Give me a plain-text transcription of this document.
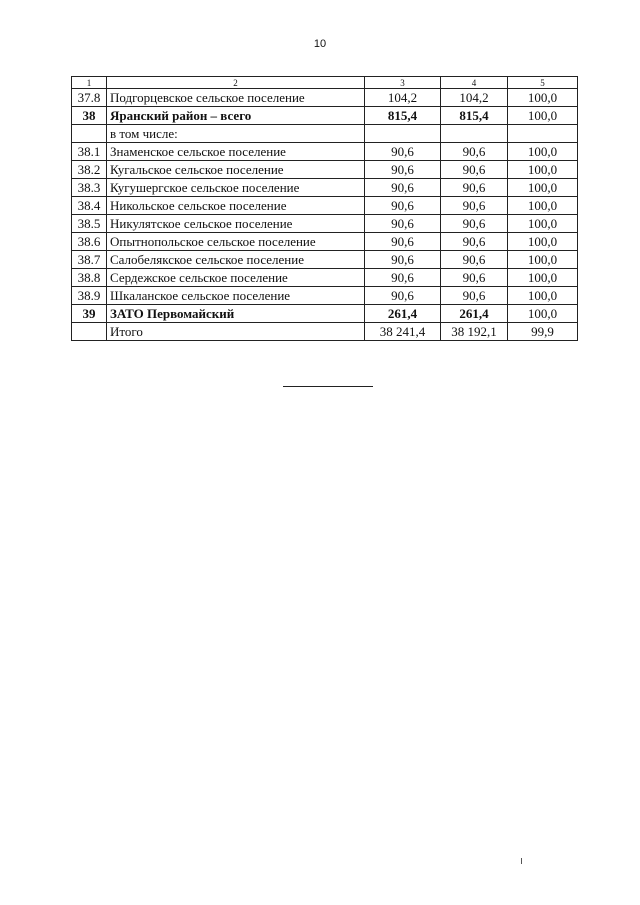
10
1	2	3	4	5
37.8	Подгорцевское сельское поселение	104,2	104,2	100,0
38	Яранский район – всего	815,4	815,4	100,0
	в том числе:			
38.1	Знаменское сельское поселение	90,6	90,6	100,0
38.2	Кугальское сельское поселение	90,6	90,6	100,0
38.3	Кугушергское сельское поселение	90,6	90,6	100,0
38.4	Никольское сельское поселение	90,6	90,6	100,0
38.5	Никулятское сельское поселение	90,6	90,6	100,0
38.6	Опытнопольское сельское поселение	90,6	90,6	100,0
38.7	Салобелякское сельское поселение	90,6	90,6	100,0
38.8	Сердежское сельское поселение	90,6	90,6	100,0
38.9	Шкаланское сельское поселение	90,6	90,6	100,0
39	ЗАТО Первомайский	261,4	261,4	100,0
	Итого	38 241,4	38 192,1	99,9
